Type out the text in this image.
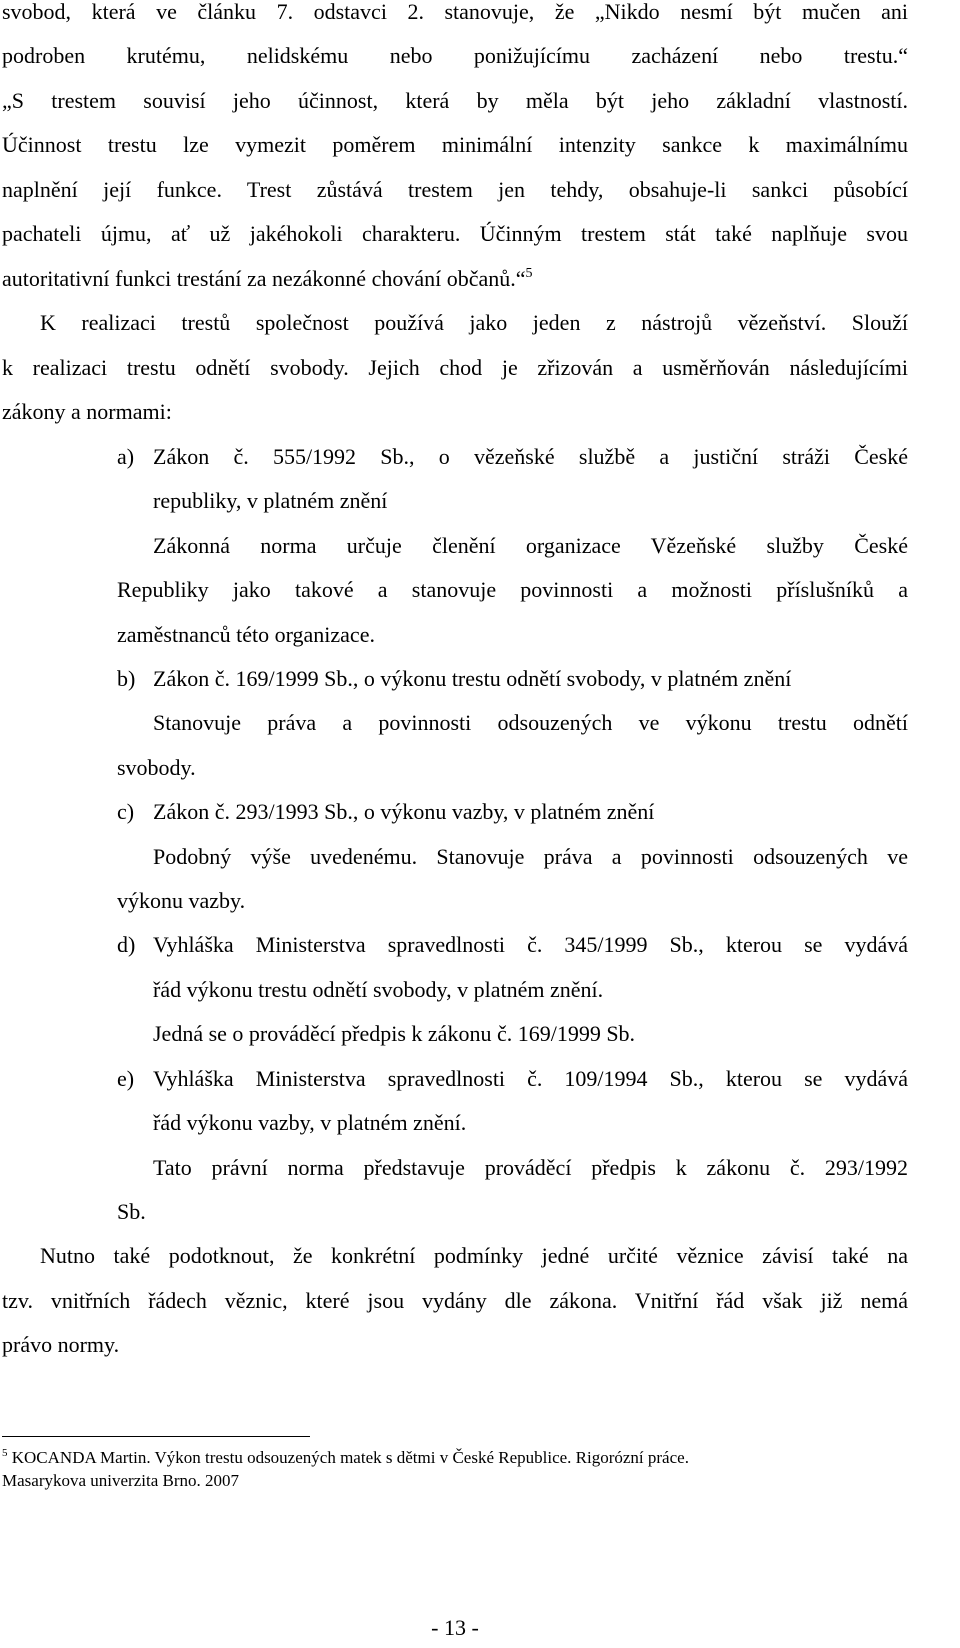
svobod, která ve článku 7. odstavci 2. stanovuje, že „Nikdo nesmí být mučen ani
podroben krutému, nelidskému nebo ponižujícímu zacházení nebo trestu.“
„S trestem souvisí jeho účinnost, která by měla být jeho základní vlastností.
Účinnost trestu lze vymezit poměrem minimální intenzity sankce k maximálnímu
naplnění její funkce. Trest zůstává trestem jen tehdy, obsahuje-li sankci působící
pachateli újmu, ať už jakéhokoli charakteru. Účinným trestem stát také naplňuje svou
autoritativní funkci trestání za nezákonné chování občanů.“$^5$
K realizaci trestů společnost používá jako jeden z nástrojů vězeňství. Slouží
k realizaci trestu odnětí svobody. Jejich chod je zřizován a usměrňován následujícími
zákony a normami:
a) Zákon č. 555/1992 Sb., o vězeňské službě a justiční stráži České
republiky, v platném znění
Zákonná norma určuje členění organizace Vězeňské služby České
Republiky jako takové a stanovuje povinnosti a možnosti příslušníků a
zaměstnanců této organizace.
b) Zákon č. 169/1999 Sb., o výkonu trestu odnětí svobody, v platném znění
Stanovuje práva a povinnosti odsouzených ve výkonu trestu odnětí
svobody.
c) Zákon č. 293/1993 Sb., o výkonu vazby, v platném znění
Podobný výše uvedenému. Stanovuje práva a povinnosti odsouzených ve
výkonu vazby.
d) Vyhláška Ministerstva spravedlnosti č. 345/1999 Sb., kterou se vydává
řád výkonu trestu odnětí svobody, v platném znění.
Jedná se o prováděcí předpis k zákonu č. 169/1999 Sb.
e) Vyhláška Ministerstva spravedlnosti č. 109/1994 Sb., kterou se vydává
řád výkonu vazby, v platném znění.
Tato právní norma představuje prováděcí předpis k zákonu č. 293/1992
Sb.
Nutno také podotknout, že konkrétní podmínky jedné určité věznice závisí také na
tzv. vnitřních řádech věznic, které jsou vydány dle zákona. Vnitřní řád však již nemá
právo normy.
$^5$ KOCANDA Martin. Výkon trestu odsouzených matek s dětmi v České Republice. Rigorózní práce.
Masarykova univerzita Brno. 2007
- 13 -
